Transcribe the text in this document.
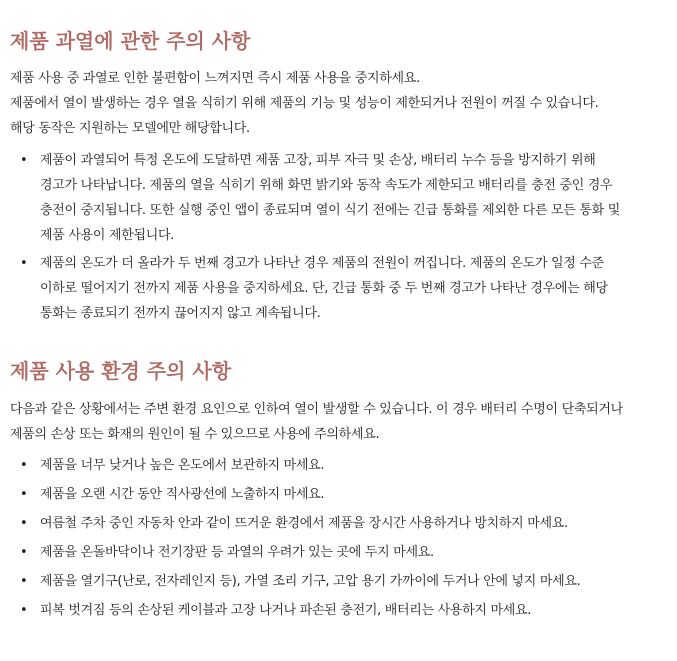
제품 과열에 관한 주의 사항

제품 사용 중 과열로 인한 불편함이 느껴지면 즉시 제품 사용을 중지하세요.

제품에서 열이 발생하는 경우 열을 식히기 위해 제품의 기능 및 성능이 제한되거나 전원이 꺼질 수 있습니다.

해당 동작은 지원하는 모델에만 해당합니다.

• 제품이 과열되어 특정 온도에 도달하면 제품 고장, 피부 자극 및 손상, 배터리 누수 등을 방지하기 위해
경고가 나타납니다. 제품의 열을 식히기 위해 화면 밝기와 동작 속도가 제한되고 배터리를 충전 중인 경우
충전이 중지됩니다. 또한 실행 중인 앱이 종료되며 열이 식기 전에는 긴급 통화를 제외한 다른 모든 통화 및
제품 사용이 제한됩니다.
• 제품의 온도가 더 올라가 두 번째 경고가 나타난 경우 제품의 전원이 꺼집니다. 제품의 온도가 일정 수준
이하로 떨어지기 전까지 제품 사용을 중지하세요. 단, 긴급 통화 중 두 번째 경고가 나타난 경우에는 해당
통화는 종료되기 전까지 끊어지지 않고 계속됩니다.
제품 사용 환경 주의 사항

다음과 같은 상황에서는 주변 환경 요인으로 인하여 열이 발생할 수 있습니다. 이 경우 배터리 수명이 단축되거나

제품의 손상 또는 화재의 원인이 될 수 있으므로 사용에 주의하세요.

• 제품을 너무 낮거나 높은 온도에서 보관하지 마세요.
• 제품을 오랜 시간 동안 직사광선에 노출하지 마세요.
• 여름철 주차 중인 자동차 안과 같이 뜨거운 환경에서 제품을 장시간 사용하거나 방치하지 마세요.
• 제품을 온돌바닥이나 전기장판 등 과열의 우려가 있는 곳에 두지 마세요.
• 제품을 열기구(난로, 전자레인지 등), 가열 조리 기구, 고압 용기 가까이에 두거나 안에 넣지 마세요.
• 피복 벗겨짐 등의 손상된 케이블과 고장 나거나 파손된 충전기, 배터리는 사용하지 마세요.
